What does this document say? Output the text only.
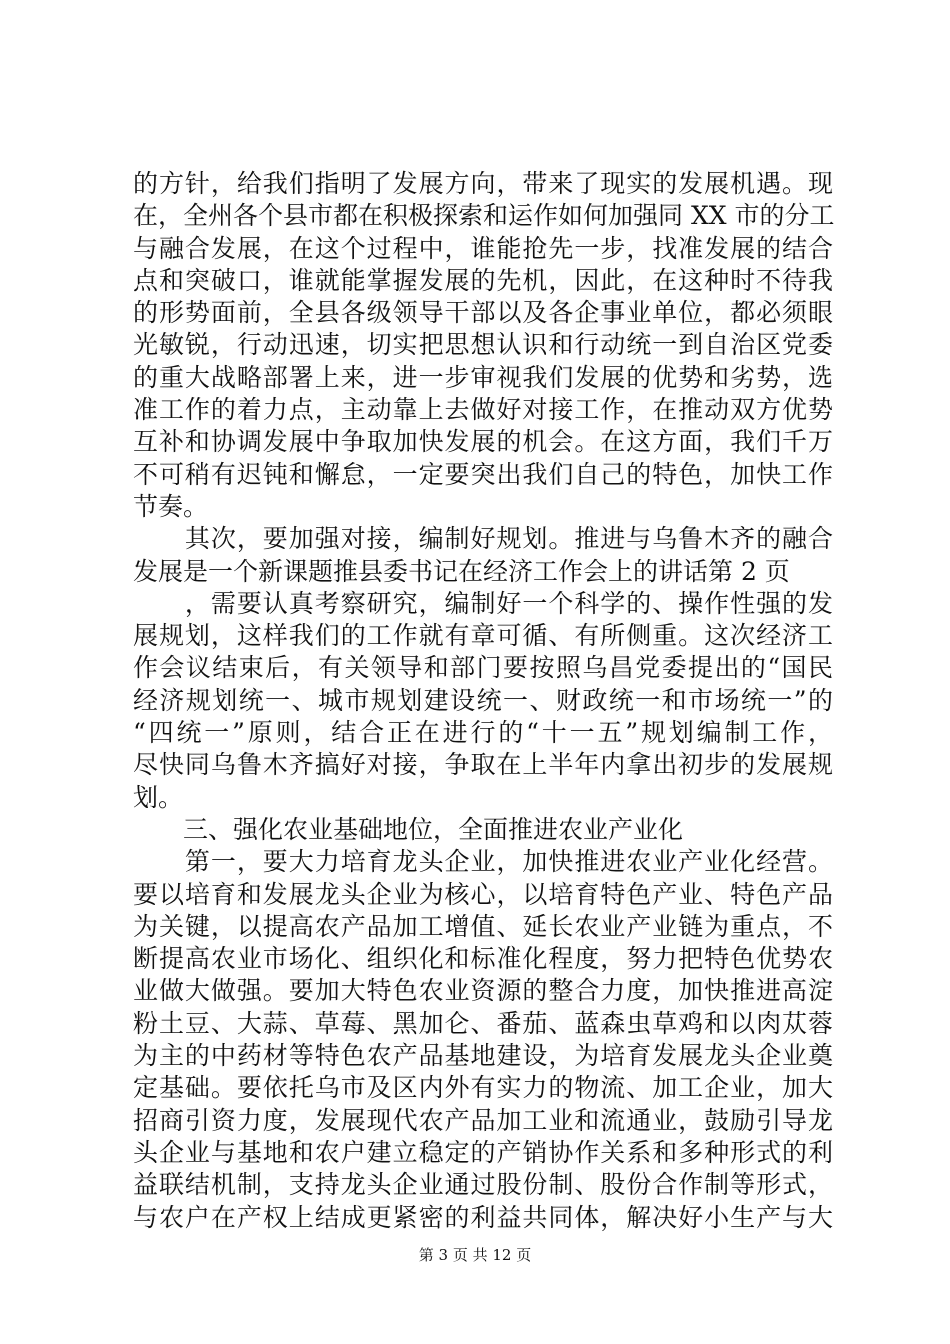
的方针，给我们指明了发展方向，带来了现实的发展机遇。现
在，全州各个县市都在积极探索和运作如何加强同 XX 市的分工
与融合发展，在这个过程中，谁能抢先一步，找准发展的结合
点和突破口，谁就能掌握发展的先机，因此，在这种时不待我
的形势面前，全县各级领导干部以及各企事业单位，都必须眼
光敏锐，行动迅速，切实把思想认识和行动统一到自治区党委
的重大战略部署上来，进一步审视我们发展的优势和劣势，选
准工作的着力点，主动靠上去做好对接工作，在推动双方优势
互补和协调发展中争取加快发展的机会。在这方面，我们千万
不可稍有迟钝和懈怠，一定要突出我们自己的特色，加快工作
节奏。
　　其次，要加强对接，编制好规划。推进与乌鲁木齐的融合
发展是一个新课题推县委书记在经济工作会上的讲话第 2 页
　　，需要认真考察研究，编制好一个科学的、操作性强的发
展规划，这样我们的工作就有章可循、有所侧重。这次经济工
作会议结束后，有关领导和部门要按照乌昌党委提出的“国民
经济规划统一、城市规划建设统一、财政统一和市场统一”的
“四统一”原则，结合正在进行的“十一五”规划编制工作，
尽快同乌鲁木齐搞好对接，争取在上半年内拿出初步的发展规
划。
　　三、强化农业基础地位，全面推进农业产业化
　　第一，要大力培育龙头企业，加快推进农业产业化经营。
要以培育和发展龙头企业为核心，以培育特色产业、特色产品
为关键，以提高农产品加工增值、延长农业产业链为重点，不
断提高农业市场化、组织化和标准化程度，努力把特色优势农
业做大做强。要加大特色农业资源的整合力度，加快推进高淀
粉土豆、大蒜、草莓、黑加仑、番茄、蓝森虫草鸡和以肉苁蓉
为主的中药材等特色农产品基地建设，为培育发展龙头企业奠
定基础。要依托乌市及区内外有实力的物流、加工企业，加大
招商引资力度，发展现代农产品加工业和流通业，鼓励引导龙
头企业与基地和农户建立稳定的产销协作关系和多种形式的利
益联结机制，支持龙头企业通过股份制、股份合作制等形式，
与农户在产权上结成更紧密的利益共同体，解决好小生产与大
第 3 页 共 12 页
